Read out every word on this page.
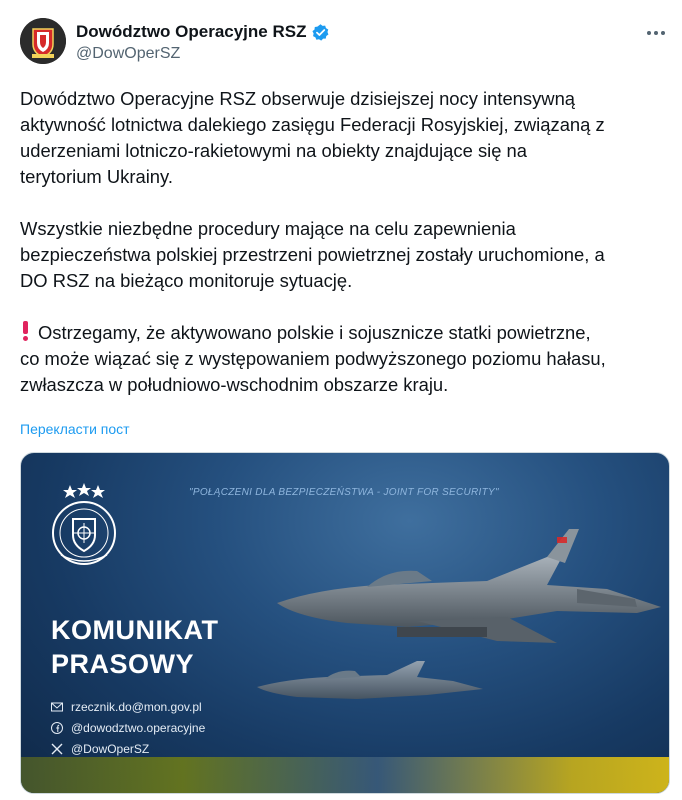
Dowództwo Operacyjne RSZ
@DowOperSZ

Dowództwo Operacyjne RSZ obserwuje dzisiejszej nocy intensywną
aktywność lotnictwa dalekiego zasięgu Federacji Rosyjskiej, związaną z
uderzeniami lotniczo-rakietowymi na obiekty znajdujące się na
terytorium Ukrainy.

Wszystkie niezbędne procedury mające na celu zapewnienia
bezpieczeństwa polskiej przestrzeni powietrznej zostały uruchomione, a
DO RSZ na bieżąco monitoruje sytuację.

Ostrzegamy, że aktywowano polskie i sojusznicze statki powietrzne,
co może wiązać się z występowaniem podwyższonego poziomu hałasu,
zwłaszcza w południowo-wschodnim obszarze kraju.

Перекласти пост
"POŁĄCZENI DLA BEZPIECZEŃSTWA - JOINT FOR SECURITY"
KOMUNIKAT
PRASOWY
rzecznik.do@mon.gov.pl
@dowodztwo.operacyjne
@DowOperSZ
